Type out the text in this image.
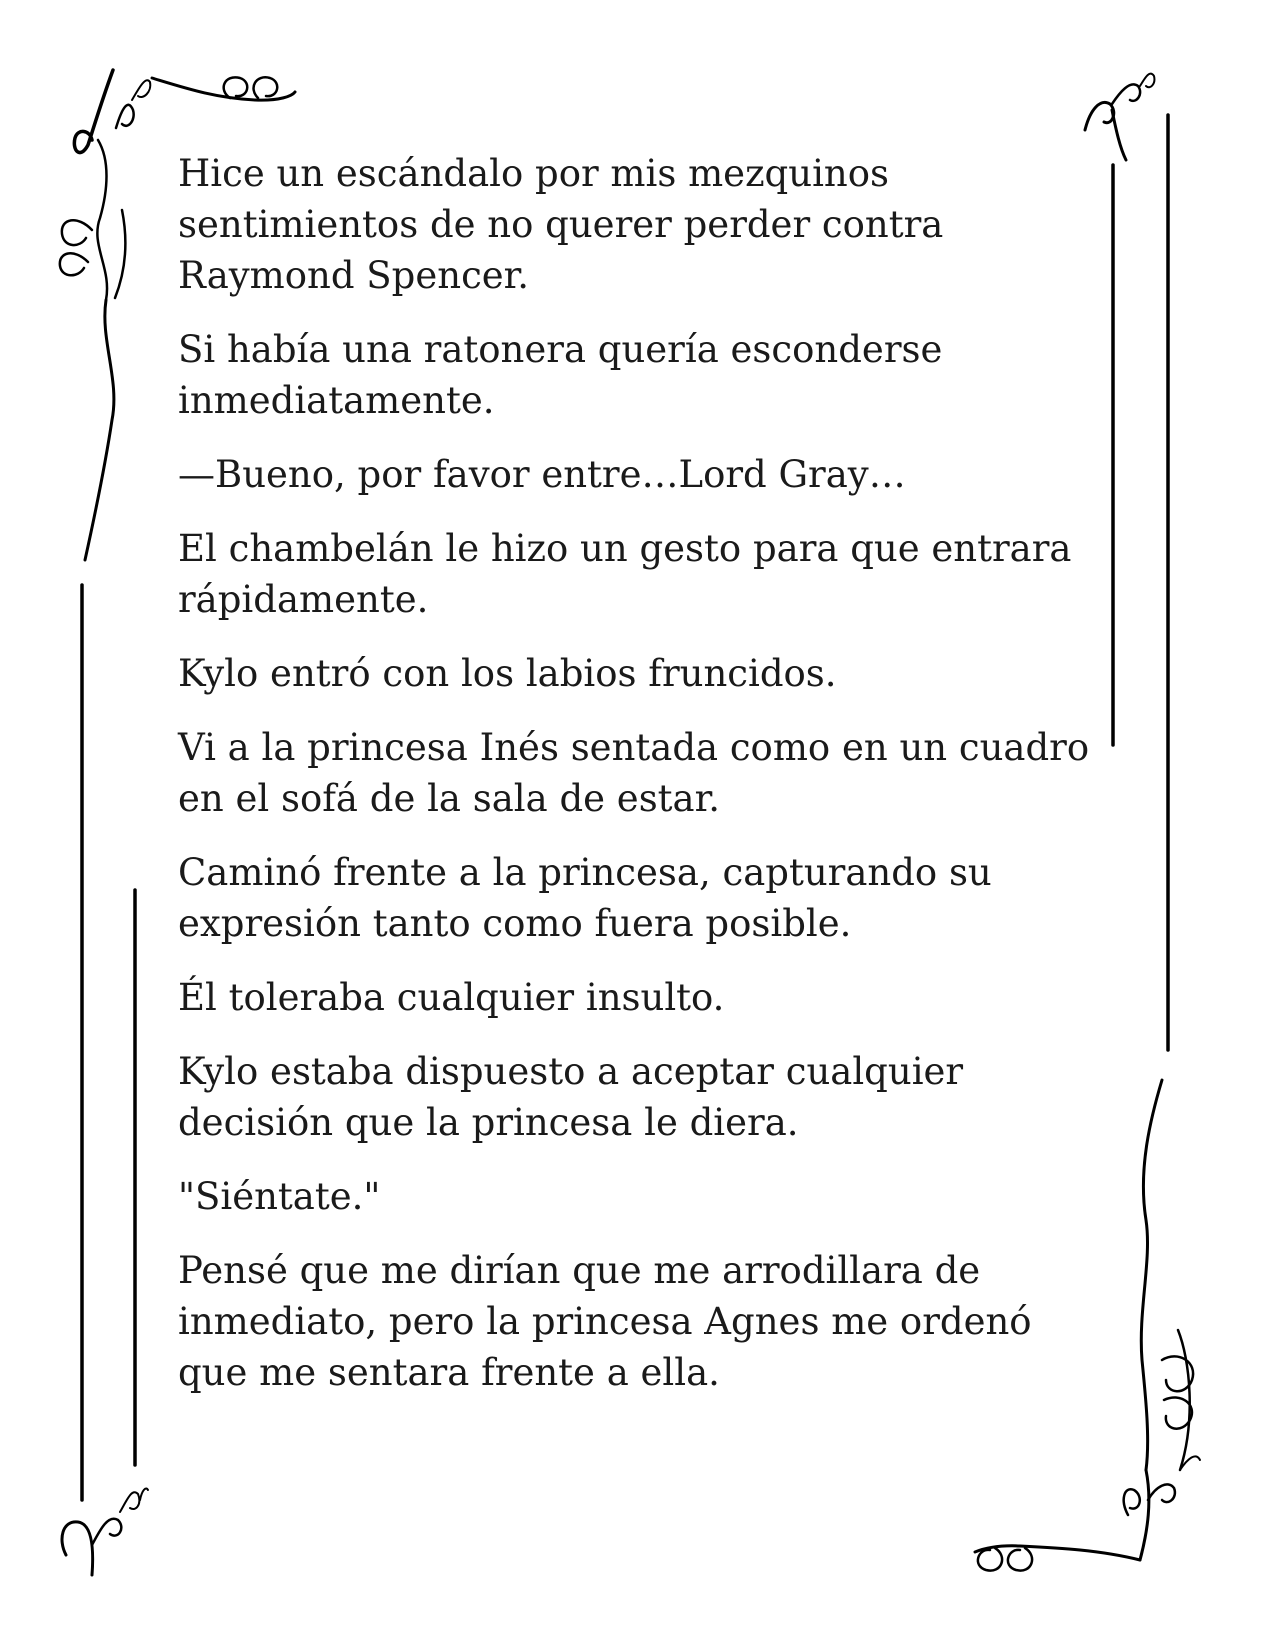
Hice un escándalo por mis mezquinos sentimientos de no querer perder contra Raymond Spencer.

Si había una ratonera quería esconderse inmediatamente.

—Bueno, por favor entre…Lord Gray…

El chambelán le hizo un gesto para que entrara rápidamente.

Kylo entró con los labios fruncidos.

Vi a la princesa Inés sentada como en un cuadro en el sofá de la sala de estar.

Caminó frente a la princesa, capturando su expresión tanto como fuera posible.

Él toleraba cualquier insulto.

Kylo estaba dispuesto a aceptar cualquier decisión que la princesa le diera.

"Siéntate."

Pensé que me dirían que me arrodillara de inmediato, pero la princesa Agnes me ordenó que me sentara frente a ella.
